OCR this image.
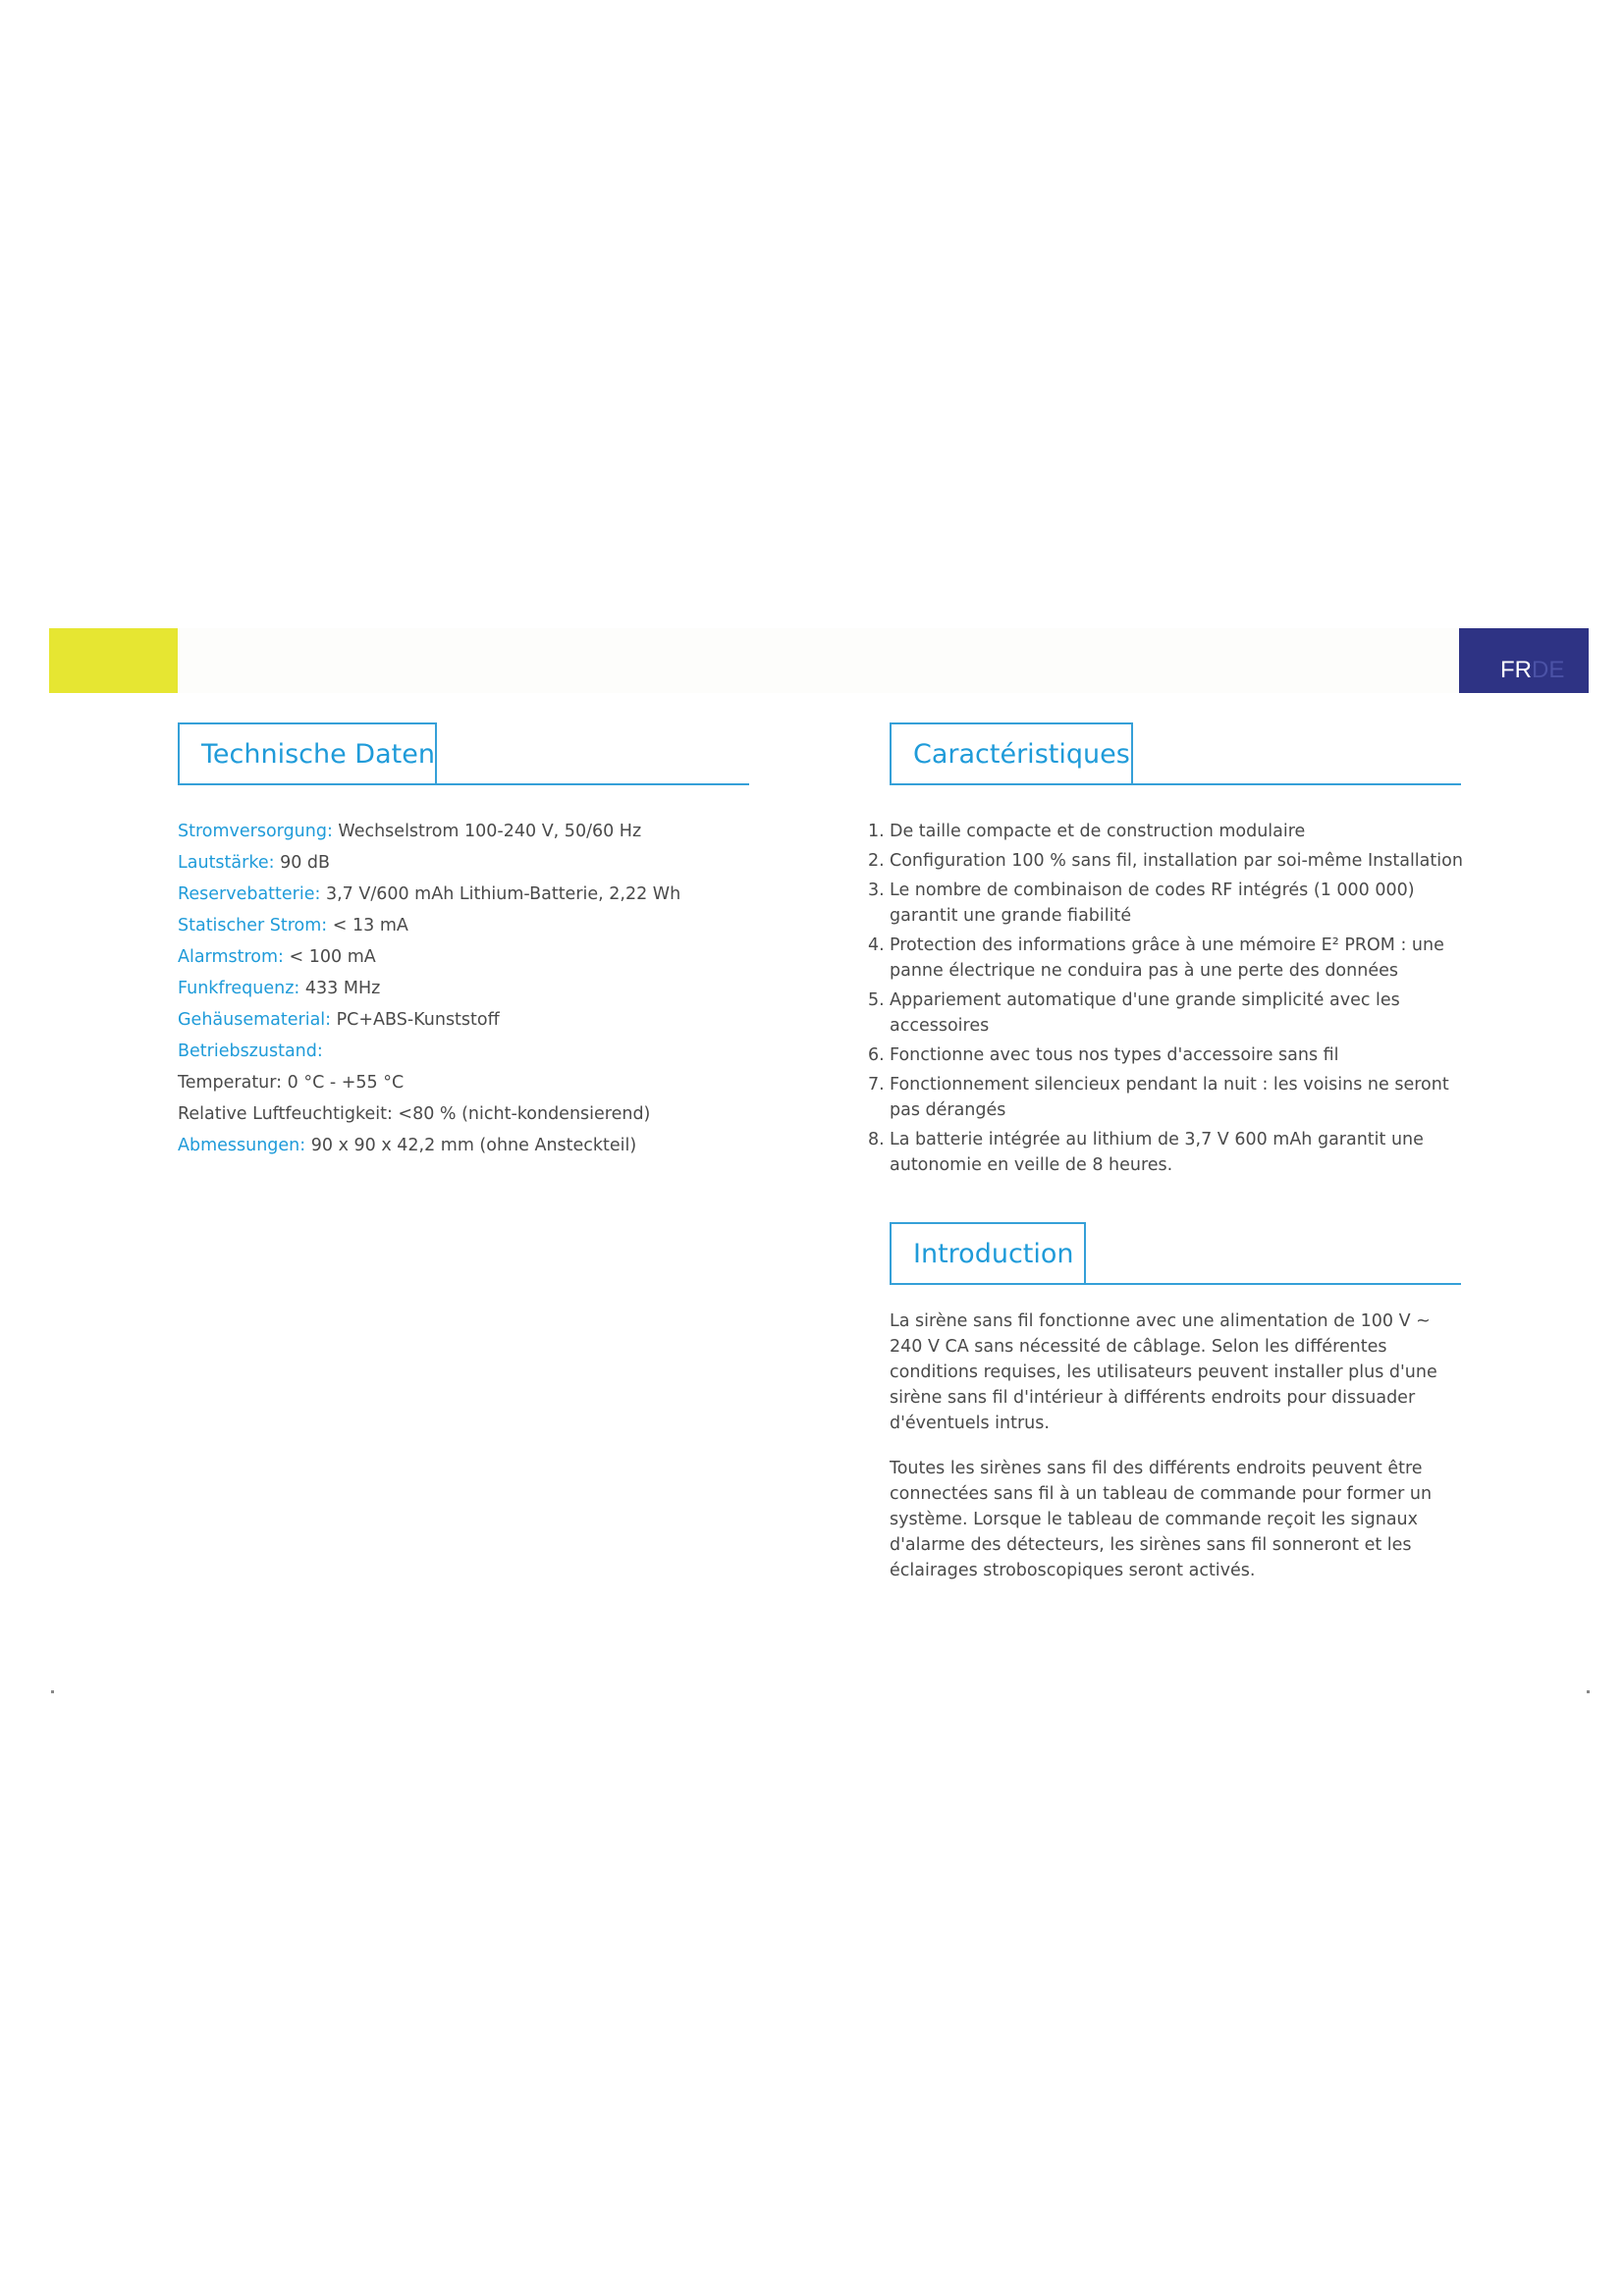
FRDE
Technische Daten
Stromversorgung: Wechselstrom 100-240 V, 50/60 Hz
Lautstärke: 90 dB
Reservebatterie: 3,7 V/600 mAh Lithium-Batterie, 2,22 Wh
Statischer Strom: < 13 mA
Alarmstrom: < 100 mA
Funkfrequenz: 433 MHz
Gehäusematerial: PC+ABS-Kunststoff
Betriebszustand:
Temperatur: 0 °C - +55 °C
Relative Luftfeuchtigkeit: <80 % (nicht-kondensierend)
Abmessungen: 90 x 90 x 42,2 mm (ohne Ansteckteil)
Caractéristiques
1. De taille compacte et de construction modulaire
2. Configuration 100 % sans fil, installation par soi-même Installation
3. Le nombre de combinaison de codes RF intégrés (1 000 000) garantit une grande fiabilité
4. Protection des informations grâce à une mémoire E² PROM : une panne électrique ne conduira pas à une perte des données
5. Appariement automatique d'une grande simplicité avec les accessoires
6. Fonctionne avec tous nos types d'accessoire sans fil
7. Fonctionnement silencieux pendant la nuit : les voisins ne seront pas dérangés
8. La batterie intégrée au lithium de 3,7 V 600 mAh garantit une autonomie en veille de 8 heures.
Introduction

La sirène sans fil fonctionne avec une alimentation de 100 V ~ 240 V CA sans nécessité de câblage. Selon les différentes conditions requises, les utilisateurs peuvent installer plus d'une sirène sans fil d'intérieur à différents endroits pour dissuader d'éventuels intrus.

Toutes les sirènes sans fil des différents endroits peuvent être connectées sans fil à un tableau de commande pour former un système. Lorsque le tableau de commande reçoit les signaux d'alarme des détecteurs, les sirènes sans fil sonneront et les éclairages stroboscopiques seront activés.
